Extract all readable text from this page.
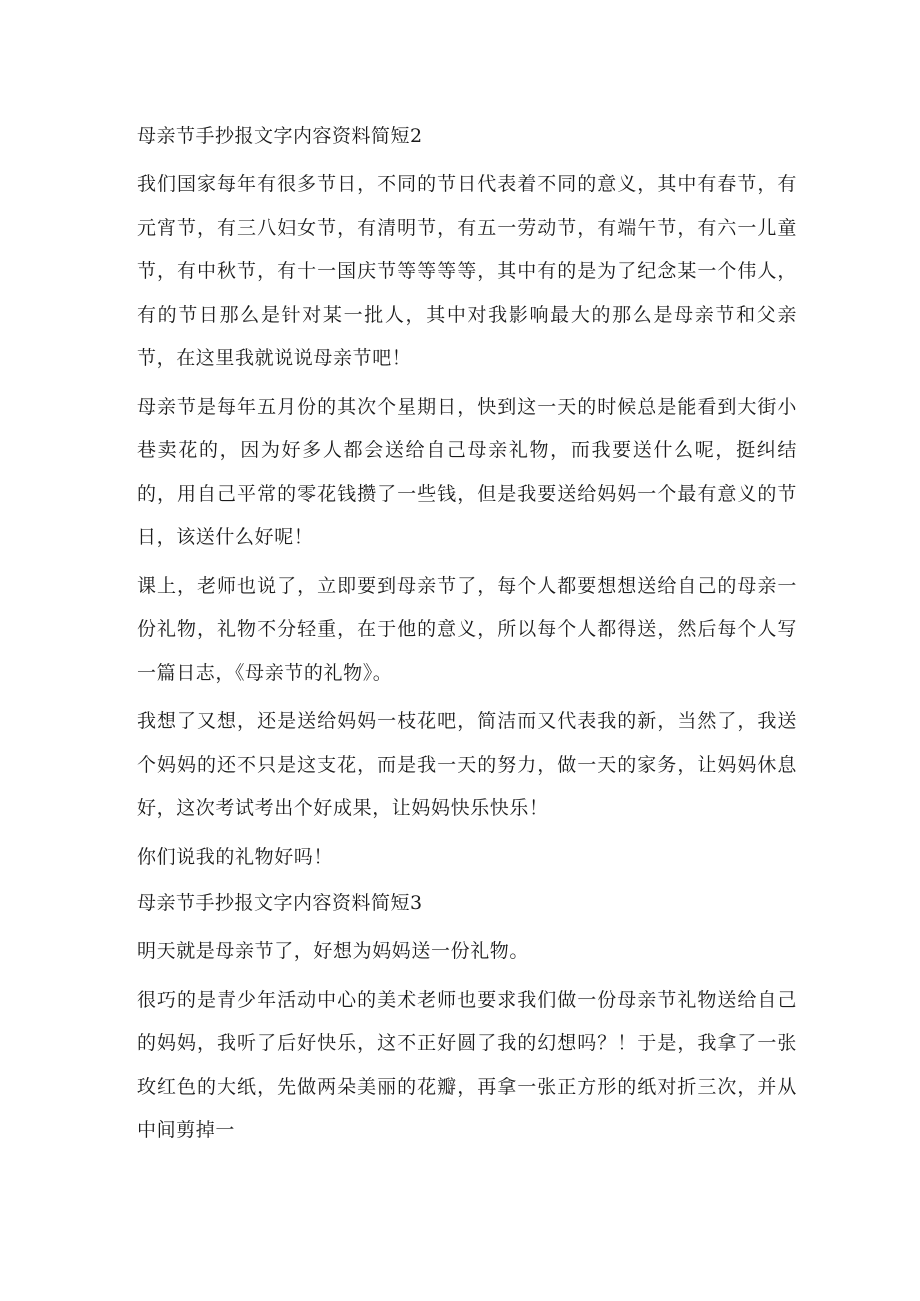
母亲节手抄报文字内容资料简短2

我们国家每年有很多节日，不同的节日代表着不同的意义，其中有春节，有元宵节，有三八妇女节，有清明节，有五一劳动节，有端午节，有六一儿童节，有中秋节，有十一国庆节等等等等，其中有的是为了纪念某一个伟人，有的节日那么是针对某一批人，其中对我影响最大的那么是母亲节和父亲节，在这里我就说说母亲节吧！

母亲节是每年五月份的其次个星期日，快到这一天的时候总是能看到大街小巷卖花的，因为好多人都会送给自己母亲礼物，而我要送什么呢，挺纠结的，用自己平常的零花钱攒了一些钱，但是我要送给妈妈一个最有意义的节日，该送什么好呢！

课上，老师也说了，立即要到母亲节了，每个人都要想想送给自己的母亲一份礼物，礼物不分轻重，在于他的意义，所以每个人都得送，然后每个人写一篇日志，《母亲节的礼物》。

我想了又想，还是送给妈妈一枝花吧，简洁而又代表我的新，当然了，我送个妈妈的还不只是这支花，而是我一天的努力，做一天的家务，让妈妈休息好，这次考试考出个好成果，让妈妈快乐快乐！

你们说我的礼物好吗！

母亲节手抄报文字内容资料简短3

明天就是母亲节了，好想为妈妈送一份礼物。

很巧的是青少年活动中心的美术老师也要求我们做一份母亲节礼物送给自己的妈妈，我听了后好快乐，这不正好圆了我的幻想吗？！于是，我拿了一张玫红色的大纸，先做两朵美丽的花瓣，再拿一张正方形的纸对折三次，并从中间剪掉一
